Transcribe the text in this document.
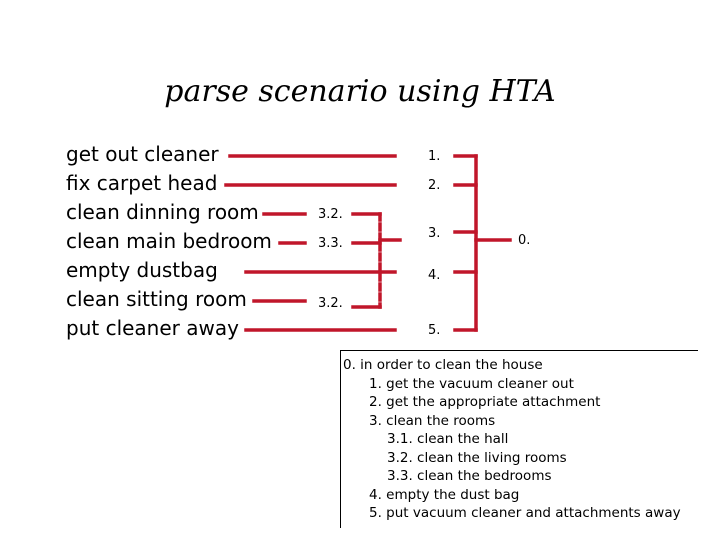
parse scenario using HTA
get out cleaner
fix carpet head
clean dinning room
clean main bedroom
empty dustbag
clean sitting room
put cleaner away
1.
2.
3.
4.
5.
3.2.
3.3.
3.2.
0.
0. in order to clean the house
1. get the vacuum cleaner out
2. get the appropriate attachment
3. clean the rooms
3.1. clean the hall
3.2. clean the living rooms
3.3. clean the bedrooms
4. empty the dust bag
5. put vacuum cleaner and attachments away
